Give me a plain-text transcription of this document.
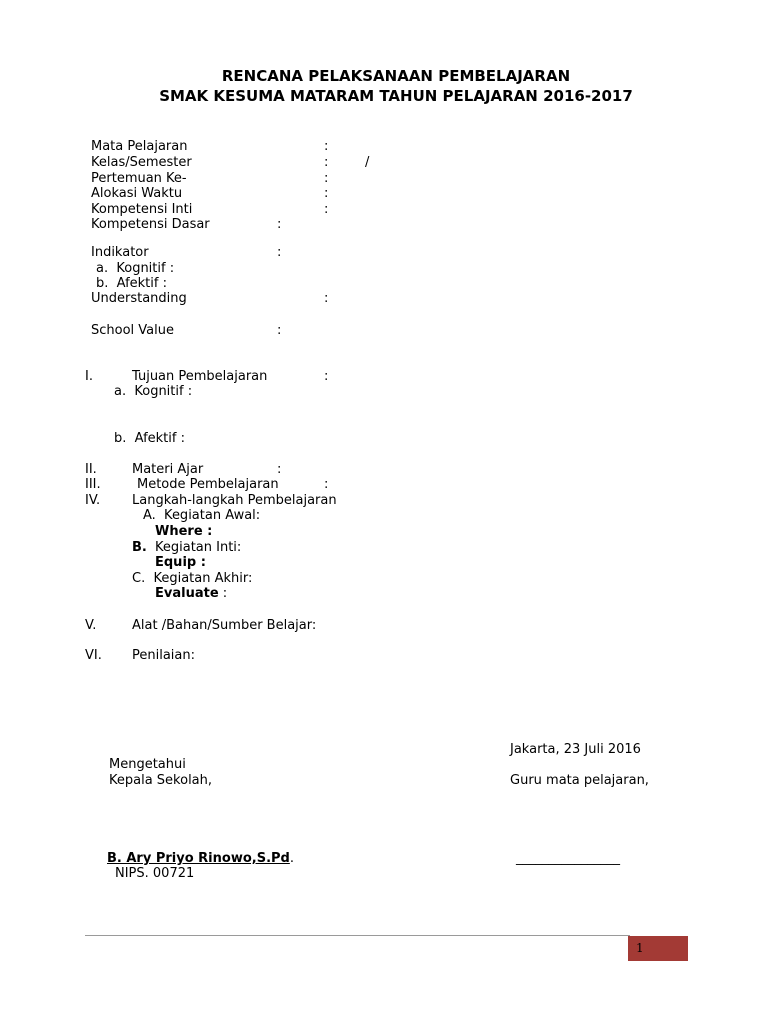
RENCANA PELAKSANAAN PEMBELAJARAN
SMAK KESUMA MATARAM TAHUN PELAJARAN 2016-2017
Mata Pelajaran	:
Kelas/Semester	:	/
Pertemuan Ke-	:
Alokasi Waktu	:
Kompetensi Inti	:
Kompetensi Dasar	:
Indikator	:
a.  Kognitif :
b.  Afektif :
Understanding	:
School Value	:
I.	Tujuan Pembelajaran	:
a.  Kognitif :
b.  Afektif :
II.	Materi Ajar	:
III.	Metode Pembelajaran	:
IV. Langkah-langkah Pembelajaran
A.  Kegiatan Awal:
Where :
B. Kegiatan Inti:
Equip :
C.  Kegiatan Akhir:
Evaluate :
V.	Alat /Bahan/Sumber Belajar:
VI. Penilaian:
Jakarta, 23 Juli 2016
Mengetahui
Kepala Sekolah,	Guru mata pelajaran,
B. Ary Priyo Rinowo,S.Pd.	________________
NIPS. 00721
1
